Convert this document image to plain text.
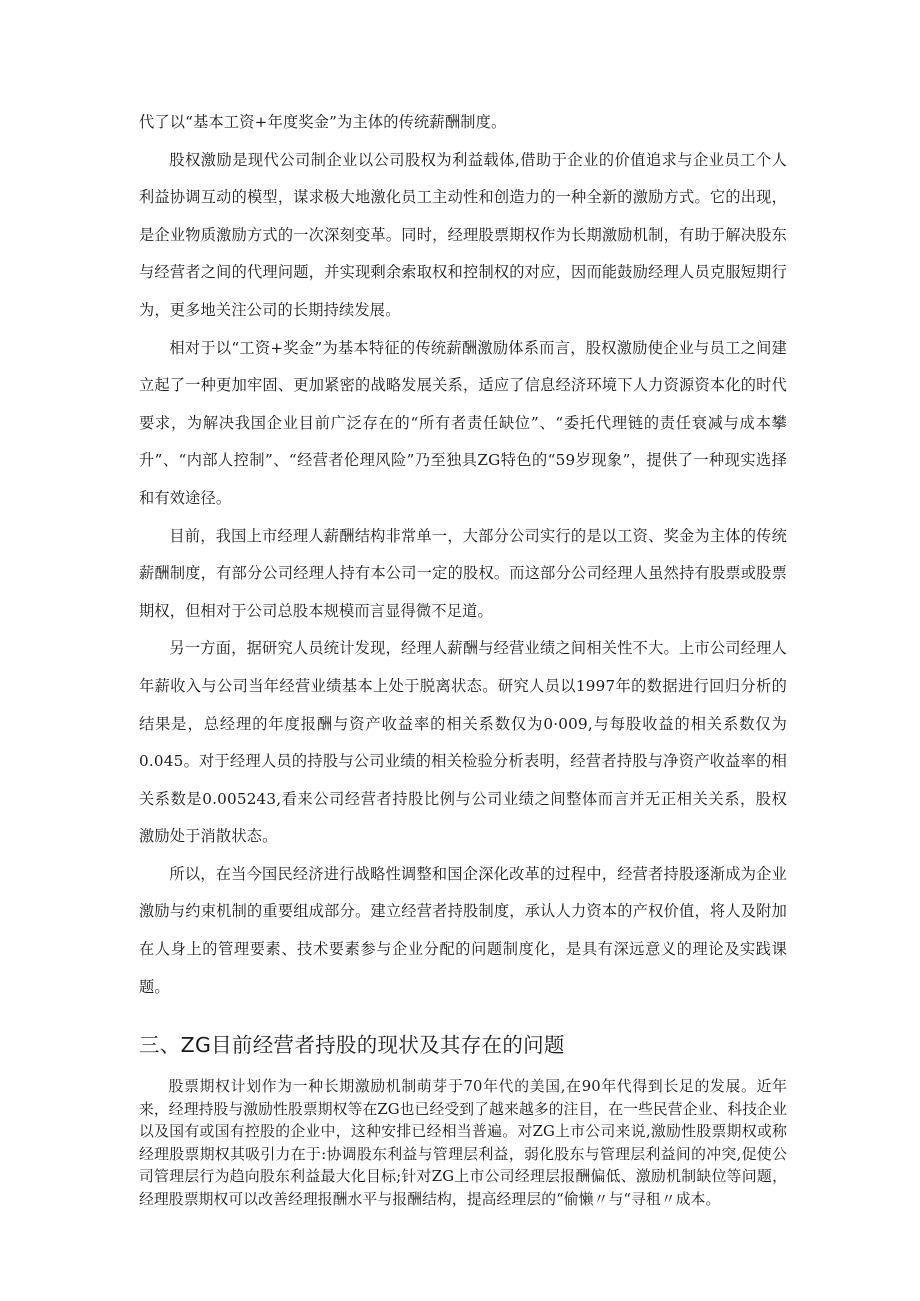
代了以“基本工资+年度奖金”为主体的传统薪酬制度。

股权激励是现代公司制企业以公司股权为利益载体,借助于企业的价值追求与企业员工个人利益协调互动的模型，谋求极大地激化员工主动性和创造力的一种全新的激励方式。它的出现，是企业物质激励方式的一次深刻变革。同时，经理股票期权作为长期激励机制，有助于解决股东与经营者之间的代理问题，并实现剩余索取权和控制权的对应，因而能鼓励经理人员克服短期行为，更多地关注公司的长期持续发展。

相对于以“工资+奖金”为基本特征的传统薪酬激励体系而言，股权激励使企业与员工之间建立起了一种更加牢固、更加紧密的战略发展关系，适应了信息经济环境下人力资源资本化的时代要求，为解决我国企业目前广泛存在的“所有者责任缺位”、“委托代理链的责任衰减与成本攀升”、“内部人控制”、“经营者伦理风险”乃至独具ZG特色的“59岁现象”，提供了一种现实选择和有效途径。

目前，我国上市经理人薪酬结构非常单一，大部分公司实行的是以工资、奖金为主体的传统薪酬制度，有部分公司经理人持有本公司一定的股权。而这部分公司经理人虽然持有股票或股票期权，但相对于公司总股本规模而言显得微不足道。

另一方面，据研究人员统计发现，经理人薪酬与经营业绩之间相关性不大。上市公司经理人年薪收入与公司当年经营业绩基本上处于脱离状态。研究人员以1997年的数据进行回归分析的结果是，总经理的年度报酬与资产收益率的相关系数仅为0·009,与每股收益的相关系数仅为0.045。对于经理人员的持股与公司业绩的相关检验分析表明，经营者持股与净资产收益率的相关系数是0.005243,看来公司经营者持股比例与公司业绩之间整体而言并无正相关关系，股权激励处于消散状态。

所以，在当今国民经济进行战略性调整和国企深化改革的过程中，经营者持股逐渐成为企业激励与约束机制的重要组成部分。建立经营者持股制度，承认人力资本的产权价值，将人及附加在人身上的管理要素、技术要素参与企业分配的问题制度化，是具有深远意义的理论及实践课题。

三、ZG目前经营者持股的现状及其存在的问题

股票期权计划作为一种长期激励机制萌芽于70年代的美国,在90年代得到长足的发展。近年来，经理持股与激励性股票期权等在ZG也已经受到了越来越多的注目，在一些民营企业、科技企业以及国有或国有控股的企业中，这种安排已经相当普遍。对ZG上市公司来说,激励性股票期权或称经理股票期权其吸引力在于:协调股东利益与管理层利益，弱化股东与管理层利益间的冲突,促使公司管理层行为趋向股东利益最大化目标;针对ZG上市公司经理层报酬偏低、激励机制缺位等问题，经理股票期权可以改善经理报酬水平与报酬结构，提高经理层的“偷懒〃与“寻租〃成本。
